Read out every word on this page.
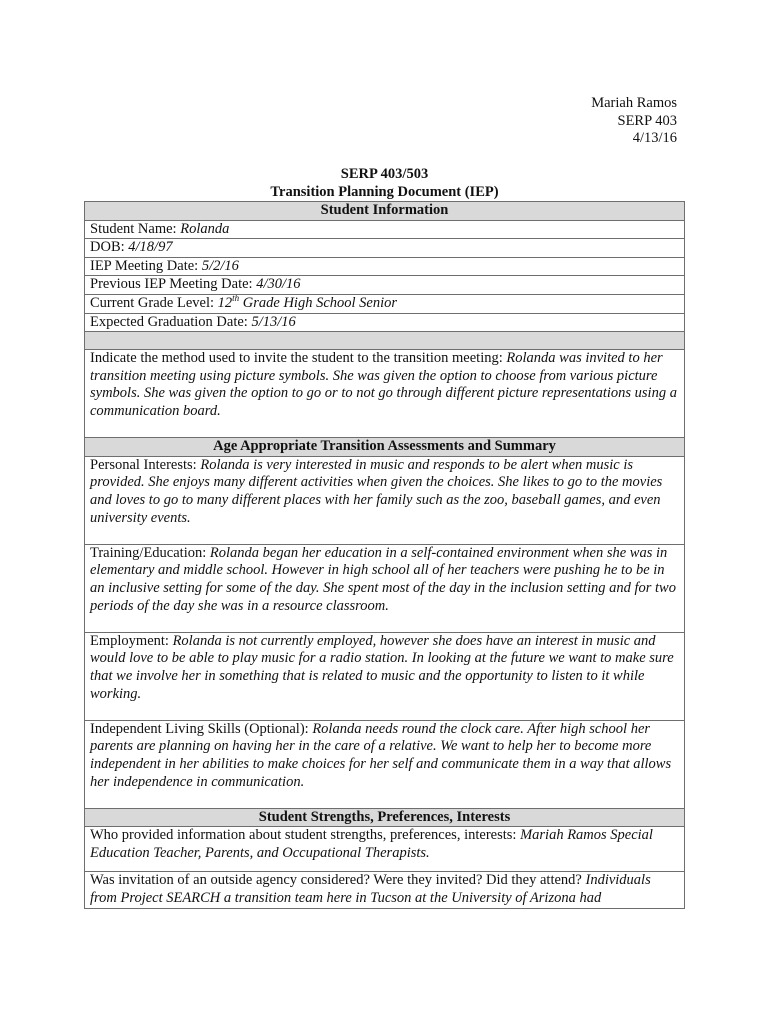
Mariah Ramos
SERP 403
4/13/16
SERP 403/503
Transition Planning Document (IEP)
Student Information
Student Name: Rolanda
DOB: 4/18/97
IEP Meeting Date: 5/2/16
Previous IEP Meeting Date: 4/30/16
Current Grade Level: 12th Grade High School Senior
Expected Graduation Date: 5/13/16

Indicate the method used to invite the student to the transition meeting: Rolanda was invited to her transition meeting using picture symbols. She was given the option to choose from various picture symbols. She was given the option to go or to not go through different picture representations using a communication board.
Age Appropriate Transition Assessments and Summary
Personal Interests: Rolanda is very interested in music and responds to be alert when music is provided. She enjoys many different activities when given the choices. She likes to go to the movies and loves to go to many different places with her family such as the zoo, baseball games, and even university events.
Training/Education: Rolanda began her education in a self-contained environment when she was in elementary and middle school. However in high school all of her teachers were pushing he to be in an inclusive setting for some of the day. She spent most of the day in the inclusion setting and for two periods of the day she was in a resource classroom.
Employment: Rolanda is not currently employed, however she does have an interest in music and would love to be able to play music for a radio station. In looking at the future we want to make sure that we involve her in something that is related to music and the opportunity to listen to it while working.
Independent Living Skills (Optional): Rolanda needs round the clock care. After high school her parents are planning on having her in the care of a relative. We want to help her to become more independent in her abilities to make choices for her self and communicate them in a way that allows her independence in communication.
Student Strengths, Preferences, Interests
Who provided information about student strengths, preferences, interests: Mariah Ramos Special Education Teacher, Parents, and Occupational Therapists.
Was invitation of an outside agency considered? Were they invited? Did they attend? Individuals from Project SEARCH a transition team here in Tucson at the University of Arizona had
